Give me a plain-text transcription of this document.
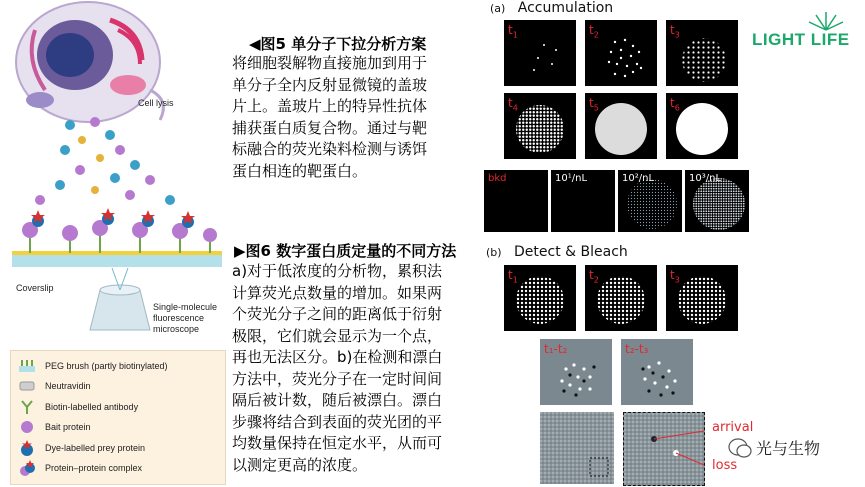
Cell lysis
Coverslip
Single-molecule
fluorescence
microscope
PEG brush (partly biotinylated)
Neutravidin
Biotin-labelled antibody
Bait protein
Dye-labelled prey protein
Protein–protein complex
◀图5 单分子下拉分析方案
将细胞裂解物直接施加到用于
单分子全内反射显微镜的盖玻
片上。盖玻片上的特异性抗体
捕获蛋白质复合物。通过与靶
标融合的荧光染料检测与诱饵
蛋白相连的靶蛋白。
▶图6 数字蛋白质定量的不同方法
a)对于低浓度的分析物，累积法
计算荧光点数量的增加。如果两
个荧光分子之间的距离低于衍射
极限，它们就会显示为一个点，
再也无法区分。b)在检测和漂白
方法中，荧光分子在一定时间间
隔后被计数，随后被漂白。漂白
步骤将结合到表面的荧光团的平
均数量保持在恒定水平，从而可
以测定更高的浓度。
(a) Accumulation
$t_1$	$t_2$	$t_3$
$t_4$	$t_5$	$t_6$
bkd	10¹/nL	10²/nL	10³/nL
(b) Detect & Bleach
$t_1$	$t_2$	$t_3$
t₁-t₂	t₂-t₃
arrival
loss
LIGHT LIFE
光与生物
